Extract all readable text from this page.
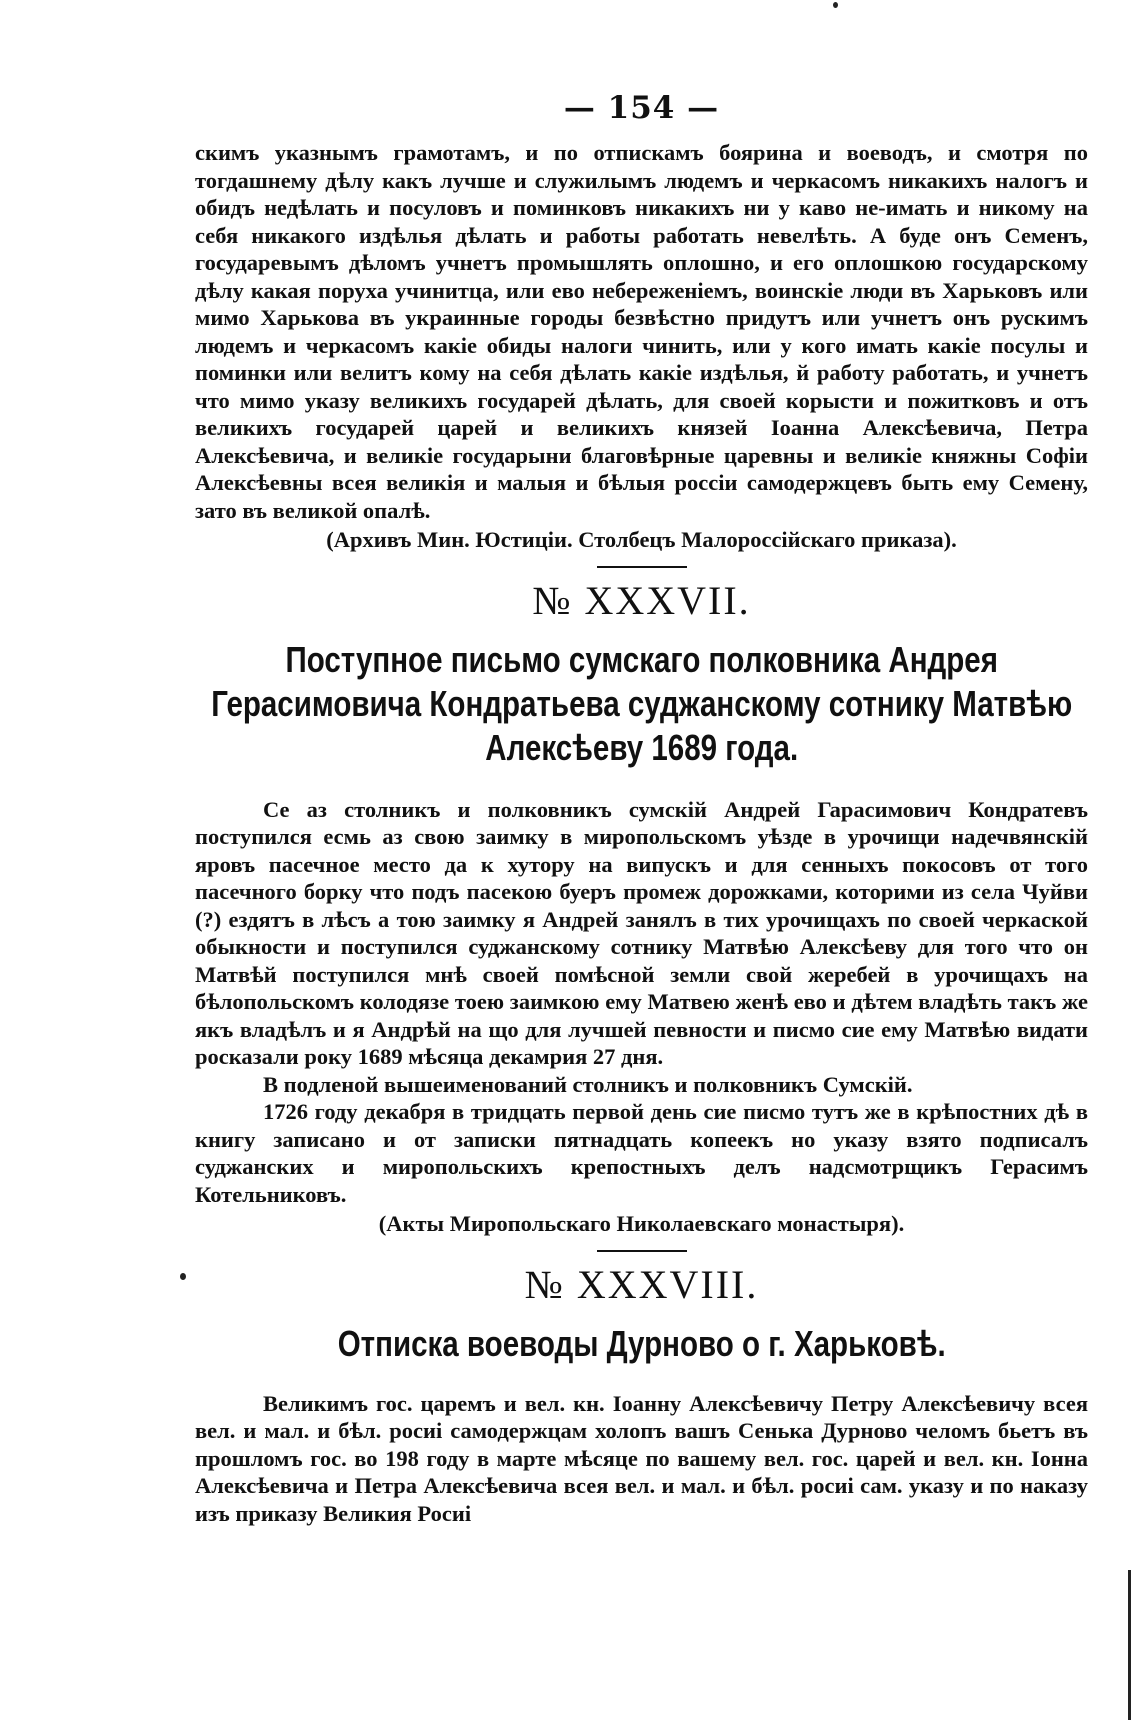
— 154 —

скимъ указнымъ грамотамъ, и по отпискамъ боярина и воеводъ, и смотря по тогдашнему дѣлу какъ лучше и служилымъ людемъ и черкасомъ никакихъ налогъ и обидъ недѣлать и посуловъ и поминковъ никакихъ ни у каво не-имать и никому на себя никакого издѣлья дѣлать и работы работать невелѣть. А буде онъ Семенъ, государевымъ дѣломъ учнетъ промышлять оплошно, и его оплошкою государскому дѣлу какая поруха учинитца, или ево небереженіемъ, воинскіе люди въ Харьковъ или мимо Харькова въ украинные городы безвѣстно придутъ или учнетъ онъ рускимъ людемъ и черкасомъ какіе обиды налоги чинить, или у кого имать какіе посулы и поминки или велитъ кому на себя дѣлать какіе издѣлья, й работу работать, и учнетъ что мимо указу великихъ государей дѣлать, для своей корысти и пожитковъ и отъ великихъ государей царей и великихъ князей Іоанна Алексѣевича, Петра Алексѣевича, и великіе государыни благовѣрные царевны и великіе княжны Софіи Алексѣевны всея великія и малыя и бѣлыя россіи самодержцевъ быть ему Семену, зато въ великой опалѣ.

(Архивъ Мин. Юстиціи. Столбецъ Малороссійскаго приказа).
№ XXXVII.
Поступное письмо сумскаго полковника Андрея Герасимовича Кондратьева суджанскому сотнику Матвѣю Алексѣеву 1689 года.

Се аз столникъ и полковникъ сумскій Андрей Гарасимович Кондратевъ поступился есмь аз свою заимку в миропольскомъ уѣзде в урочищи надечвянскій яровъ пасечное место да к хутору на випускъ и для сенныхъ покосовъ от того пасечного борку что подъ пасекою буеръ промеж дорожками, которими из села Чуйви (?) ездятъ в лѣсъ а тою заимку я Андрей занялъ в тих урочищахъ по своей черкаской обыкности и поступился суджанскому сотнику Матвѣю Алексѣеву для того что он Матвѣй поступился мнѣ своей помѣсной земли свой жеребей в урочищахъ на бѣлопольскомъ колодязе тоею заимкою ему Матвею женѣ ево и дѣтем владѣть такъ же якъ владѣлъ и я Андрѣй на що для лучшей певности и писмо сие ему Матвѣю видати росказали року 1689 мѣсяца декамрия 27 дня.

В подленой вышеименований столникъ и полковникъ Сумскій.

1726 году декабря в тридцать первой день сие писмо тутъ же в крѣпостних дѣ в книгу записано и от записки пятнадцать копеекъ но указу взято подписалъ суджанских и миропольскихъ крепостныхъ делъ надсмотрщикъ Герасимъ Котельниковъ.

(Акты Миропольскаго Николаевскаго монастыря).
№ XXXVIII.
Отписка воеводы Дурново о г. Харьковѣ.

Великимъ гос. царемъ и вел. кн. Іоанну Алексѣевичу Петру Алексѣевичу всея вел. и мал. и бѣл. росиі самодержцам холопъ вашъ Сенька Дурново челомъ бьетъ въ прошломъ гос. во 198 году в марте мѣсяце по вашему вел. гос. царей и вел. кн. Іонна Алексѣевича и Петра Алексѣевича всея вел. и мал. и бѣл. росиі сам. указу и по наказу изъ приказу Великия Росиі
